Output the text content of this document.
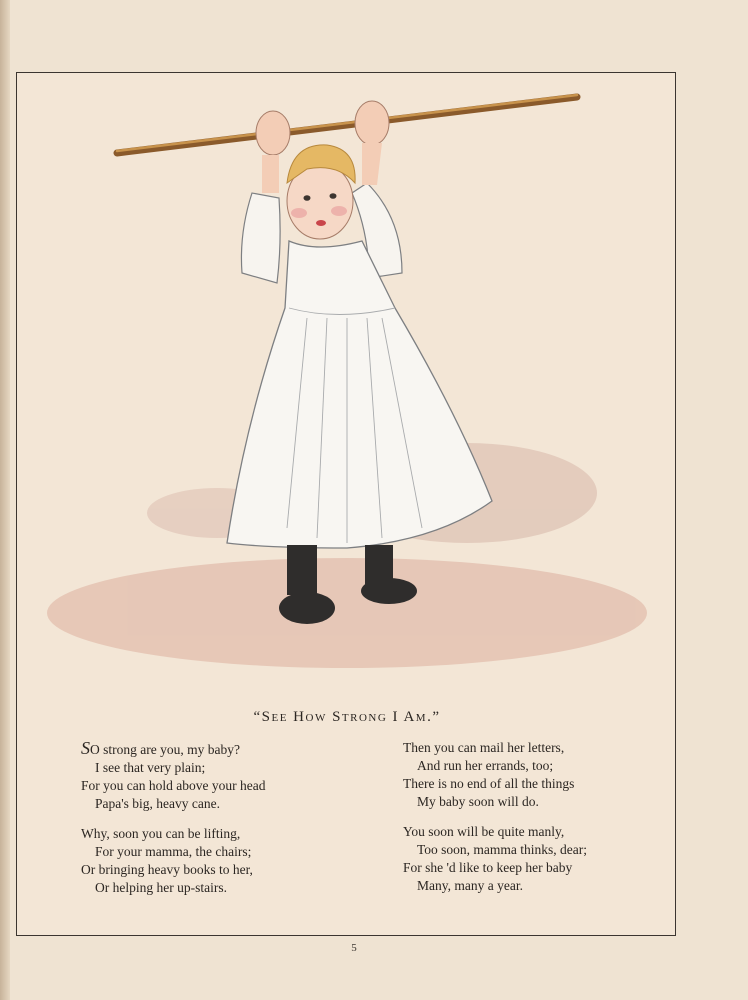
“See How Strong I Am.”
SO strong are you, my baby?
I see that very plain;
For you can hold above your head
Papa's big, heavy cane.
Why, soon you can be lifting,
For your mamma, the chairs;
Or bringing heavy books to her,
Or helping her up-stairs.
Then you can mail her letters,
And run her errands, too;
There is no end of all the things
My baby soon will do.
You soon will be quite manly,
Too soon, mamma thinks, dear;
For she 'd like to keep her baby
Many, many a year.
5
